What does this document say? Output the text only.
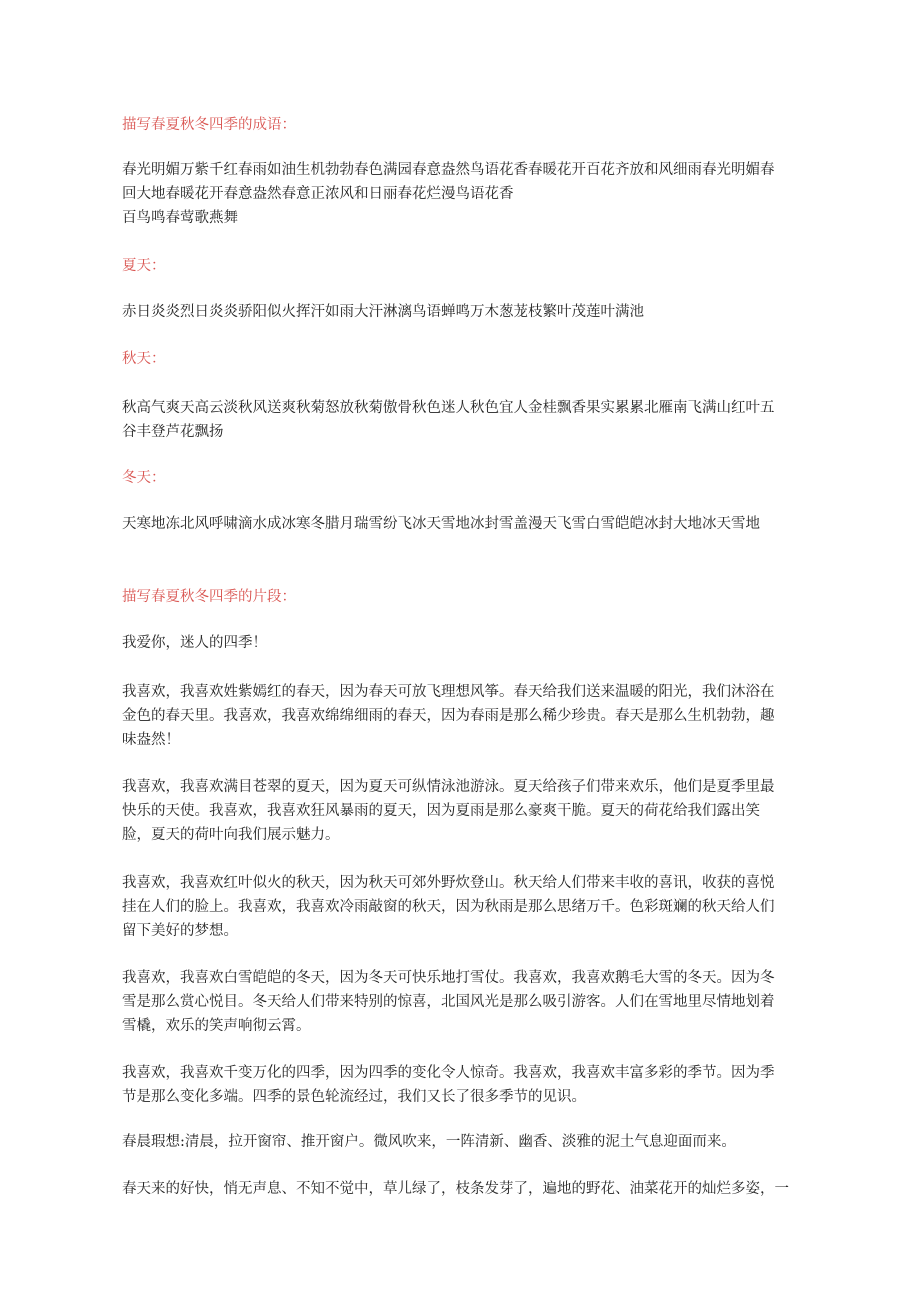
描写春夏秋冬四季的成语：
春光明媚万紫千红春雨如油生机勃勃春色满园春意盎然鸟语花香春暖花开百花齐放和风细雨春光明媚春
回大地春暖花开春意盎然春意正浓风和日丽春花烂漫鸟语花香
百鸟鸣春莺歌燕舞
夏天：
赤日炎炎烈日炎炎骄阳似火挥汗如雨大汗淋漓鸟语蝉鸣万木葱茏枝繁叶茂莲叶满池
秋天：
秋高气爽天高云淡秋风送爽秋菊怒放秋菊傲骨秋色迷人秋色宜人金桂飘香果实累累北雁南飞满山红叶五
谷丰登芦花飘扬
冬天：
天寒地冻北风呼啸滴水成冰寒冬腊月瑞雪纷飞冰天雪地冰封雪盖漫天飞雪白雪皑皑冰封大地冰天雪地
描写春夏秋冬四季的片段：
我爱你，迷人的四季！
我喜欢，我喜欢姓紫嫣红的春天，因为春天可放飞理想风筝。春天给我们送来温暖的阳光，我们沐浴在
金色的春天里。我喜欢，我喜欢绵绵细雨的春天，因为春雨是那么稀少珍贵。春天是那么生机勃勃，趣
味盎然！
我喜欢，我喜欢满目苍翠的夏天，因为夏天可纵情泳池游泳。夏天给孩子们带来欢乐，他们是夏季里最
快乐的天使。我喜欢，我喜欢狂风暴雨的夏天，因为夏雨是那么豪爽干脆。夏天的荷花给我们露出笑
脸，夏天的荷叶向我们展示魅力。
我喜欢，我喜欢红叶似火的秋天，因为秋天可郊外野炊登山。秋天给人们带来丰收的喜讯，收获的喜悦
挂在人们的脸上。我喜欢，我喜欢冷雨敲窗的秋天，因为秋雨是那么思绪万千。色彩斑斓的秋天给人们
留下美好的梦想。
我喜欢，我喜欢白雪皑皑的冬天，因为冬天可快乐地打雪仗。我喜欢，我喜欢鹅毛大雪的冬天。因为冬
雪是那么赏心悦目。冬天给人们带来特别的惊喜，北国风光是那么吸引游客。人们在雪地里尽情地划着
雪橇，欢乐的笑声响彻云霄。
我喜欢，我喜欢千变万化的四季，因为四季的变化令人惊奇。我喜欢，我喜欢丰富多彩的季节。因为季
节是那么变化多端。四季的景色轮流经过，我们又长了很多季节的见识。
春晨瑕想:清晨，拉开窗帘、推开窗户。微风吹来，一阵清新、幽香、淡雅的泥土气息迎面而来。
春天来的好快，悄无声息、不知不觉中，草儿绿了，枝条发芽了，遍地的野花、油菜花开的灿烂多姿，一
